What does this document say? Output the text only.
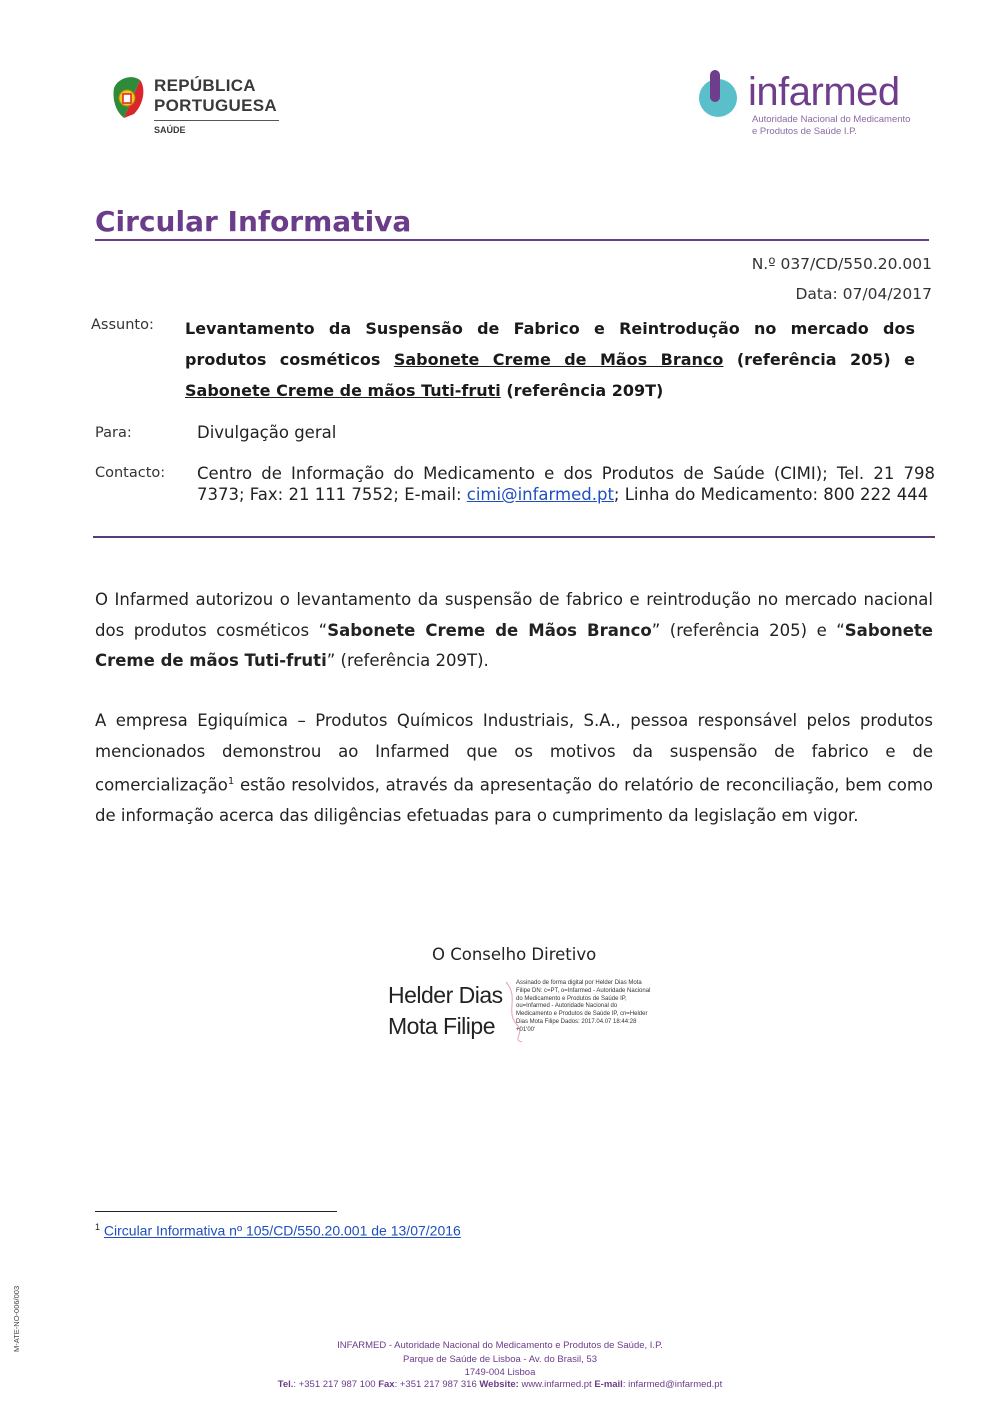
REPÚBLICA
PORTUGUESA
SAÚDE
infarmed
Autoridade Nacional do Medicamento
e Produtos de Saúde I.P.
Circular Informativa
N.º 037/CD/550.20.001
Data: 07/04/2017
Assunto: Levantamento da Suspensão de Fabrico e Reintrodução no mercado dos produtos cosméticos Sabonete Creme de Mãos Branco (referência 205) e Sabonete Creme de mãos Tuti-fruti (referência 209T)
Para:	Divulgação geral
Contacto: Centro de Informação do Medicamento e dos Produtos de Saúde (CIMI); Tel. 21 798 7373; Fax: 21 111 7552; E-mail: cimi@infarmed.pt; Linha do Medicamento: 800 222 444
O Infarmed autorizou o levantamento da suspensão de fabrico e reintrodução no mercado nacional dos produtos cosméticos “Sabonete Creme de Mãos Branco” (referência 205) e “Sabonete Creme de mãos Tuti-fruti” (referência 209T).
A empresa Egiquímica – Produtos Químicos Industriais, S.A., pessoa responsável pelos produtos mencionados demonstrou ao Infarmed que os motivos da suspensão de fabrico e de comercialização$^1$ estão resolvidos, através da apresentação do relatório de reconciliação, bem como de informação acerca das diligências efetuadas para o cumprimento da legislação em vigor.
O Conselho Diretivo
Helder Dias
Mota Filipe
Assinado de forma digital por Helder Dias Mota Filipe DN: c=PT, o=Infarmed - Autoridade Nacional do Medicamento e Produtos de Saúde IP, ou=Infarmed - Autoridade Nacional do Medicamento e Produtos de Saúde IP, cn=Helder Dias Mota Filipe Dados: 2017.04.07 18:44:28 +01'00'
$^1$ Circular Informativa nº 105/CD/550.20.001 de 13/07/2016
M-ATE-NO-006/003	INFARMED - Autoridade Nacional do Medicamento e Produtos de Saúde, I.P.
Parque de Saúde de Lisboa - Av. do Brasil, 53
1749-004 Lisboa
Tel.: +351 217 987 100 Fax: +351 217 987 316 Website: www.infarmed.pt E-mail: infarmed@infarmed.pt
